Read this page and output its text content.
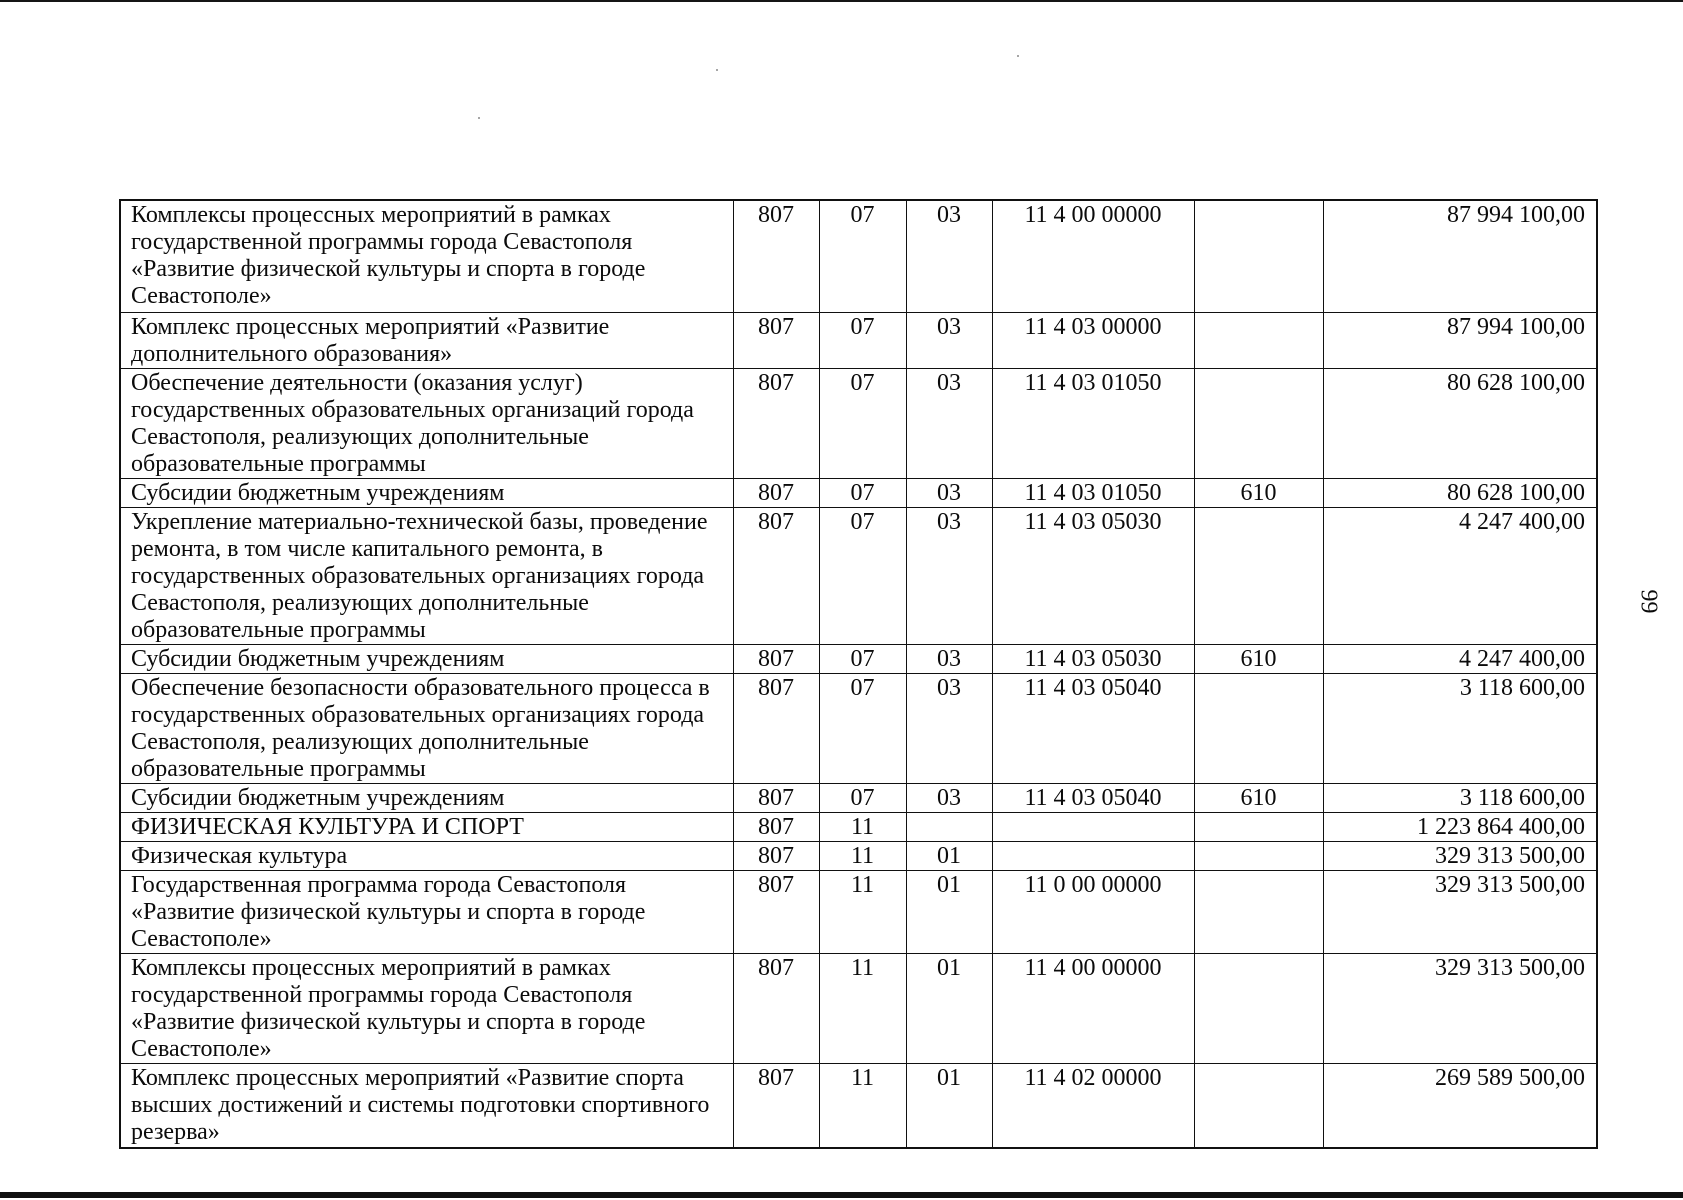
Комплексы процессных мероприятий в рамках
государственной программы города Севастополя
«Развитие физической культуры и спорта в городе
Севастополе»	807	07	03	11 4 00 00000		87 994 100,00

Комплекс процессных мероприятий «Развитие
дополнительного образования»	807	07	03	11 4 03 00000		87 994 100,00

Обеспечение деятельности (оказания услуг)
государственных образовательных организаций города
Севастополя, реализующих дополнительные
образовательные программы	807	07	03	11 4 03 01050		80 628 100,00

Субсидии бюджетным учреждениям	807	07	03	11 4 03 01050	610	80 628 100,00

Укрепление материально-технической базы, проведение
ремонта, в том числе капитального ремонта, в
государственных образовательных организациях города
Севастополя, реализующих дополнительные
образовательные программы	807	07	03	11 4 03 05030		4 247 400,00

Субсидии бюджетным учреждениям	807	07	03	11 4 03 05030	610	4 247 400,00

Обеспечение безопасности образовательного процесса в
государственных образовательных организациях города
Севастополя, реализующих дополнительные
образовательные программы	807	07	03	11 4 03 05040		3 118 600,00

Субсидии бюджетным учреждениям	807	07	03	11 4 03 05040	610	3 118 600,00

ФИЗИЧЕСКАЯ КУЛЬТУРА И СПОРТ	807	11				1 223 864 400,00

Физическая культура	807	11	01			329 313 500,00

Государственная программа города Севастополя
«Развитие физической культуры и спорта в городе
Севастополе»	807	11	01	11 0 00 00000		329 313 500,00

Комплексы процессных мероприятий в рамках
государственной программы города Севастополя
«Развитие физической культуры и спорта в городе
Севастополе»	807	11	01	11 4 00 00000		329 313 500,00

Комплекс процессных мероприятий «Развитие спорта
высших достижений и системы подготовки спортивного
резерва»	807	11	01	11 4 02 00000		269 589 500,00
99
